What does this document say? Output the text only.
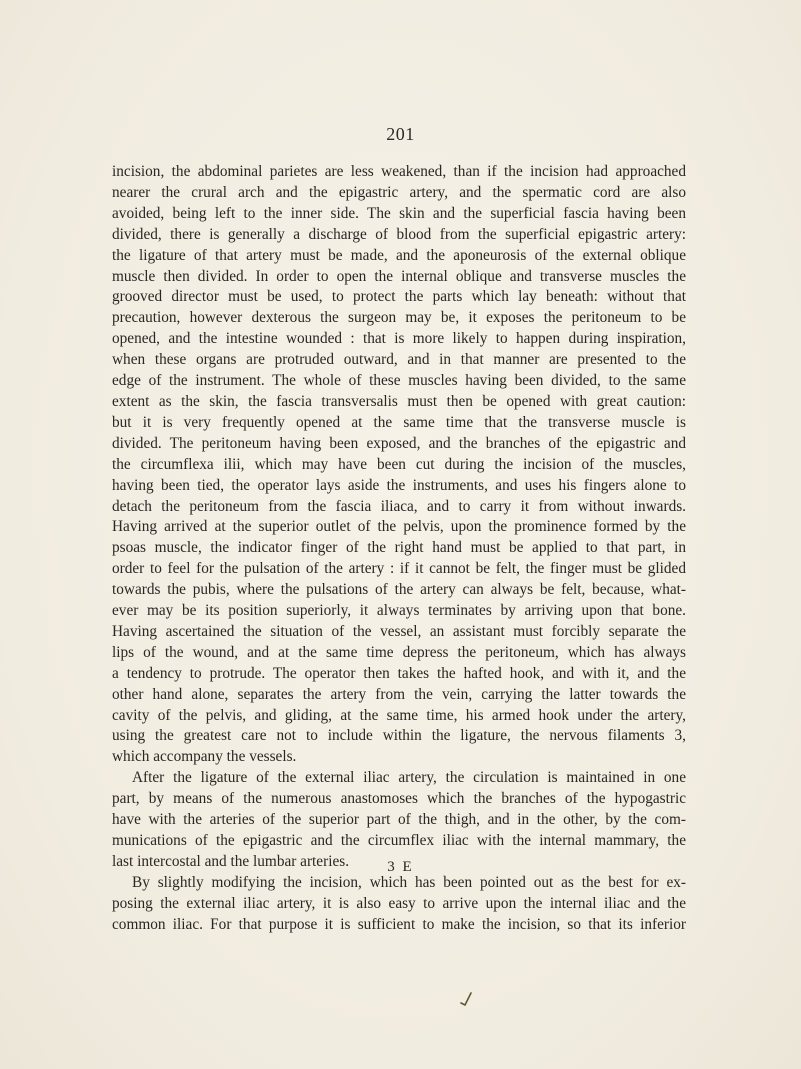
201
incision, the abdominal parietes are less weakened, than if the incision had approached
nearer the crural arch and the epigastric artery, and the spermatic cord are also
avoided, being left to the inner side. The skin and the superficial fascia having been
divided, there is generally a discharge of blood from the superficial epigastric artery:
the ligature of that artery must be made, and the aponeurosis of the external oblique
muscle then divided. In order to open the internal oblique and transverse muscles the
grooved director must be used, to protect the parts which lay beneath: without that
precaution, however dexterous the surgeon may be, it exposes the peritoneum to be
opened, and the intestine wounded : that is more likely to happen during inspiration,
when these organs are protruded outward, and in that manner are presented to the
edge of the instrument. The whole of these muscles having been divided, to the same
extent as the skin, the fascia transversalis must then be opened with great caution:
but it is very frequently opened at the same time that the transverse muscle is
divided. The peritoneum having been exposed, and the branches of the epigastric and
the circumflexa ilii, which may have been cut during the incision of the muscles,
having been tied, the operator lays aside the instruments, and uses his fingers alone to
detach the peritoneum from the fascia iliaca, and to carry it from without inwards.
Having arrived at the superior outlet of the pelvis, upon the prominence formed by the
psoas muscle, the indicator finger of the right hand must be applied to that part, in
order to feel for the pulsation of the artery : if it cannot be felt, the finger must be glided
towards the pubis, where the pulsations of the artery can always be felt, because, what-
ever may be its position superiorly, it always terminates by arriving upon that bone.
Having ascertained the situation of the vessel, an assistant must forcibly separate the
lips of the wound, and at the same time depress the peritoneum, which has always
a tendency to protrude. The operator then takes the hafted hook, and with it, and the
other hand alone, separates the artery from the vein, carrying the latter towards the
cavity of the pelvis, and gliding, at the same time, his armed hook under the artery,
using the greatest care not to include within the ligature, the nervous filaments 3,
which accompany the vessels.
After the ligature of the external iliac artery, the circulation is maintained in one
part, by means of the numerous anastomoses which the branches of the hypogastric
have with the arteries of the superior part of the thigh, and in the other, by the com-
munications of the epigastric and the circumflex iliac with the internal mammary, the
last intercostal and the lumbar arteries.
By slightly modifying the incision, which has been pointed out as the best for ex-
posing the external iliac artery, it is also easy to arrive upon the internal iliac and the
common iliac. For that purpose it is sufficient to make the incision, so that its inferior
3 E
